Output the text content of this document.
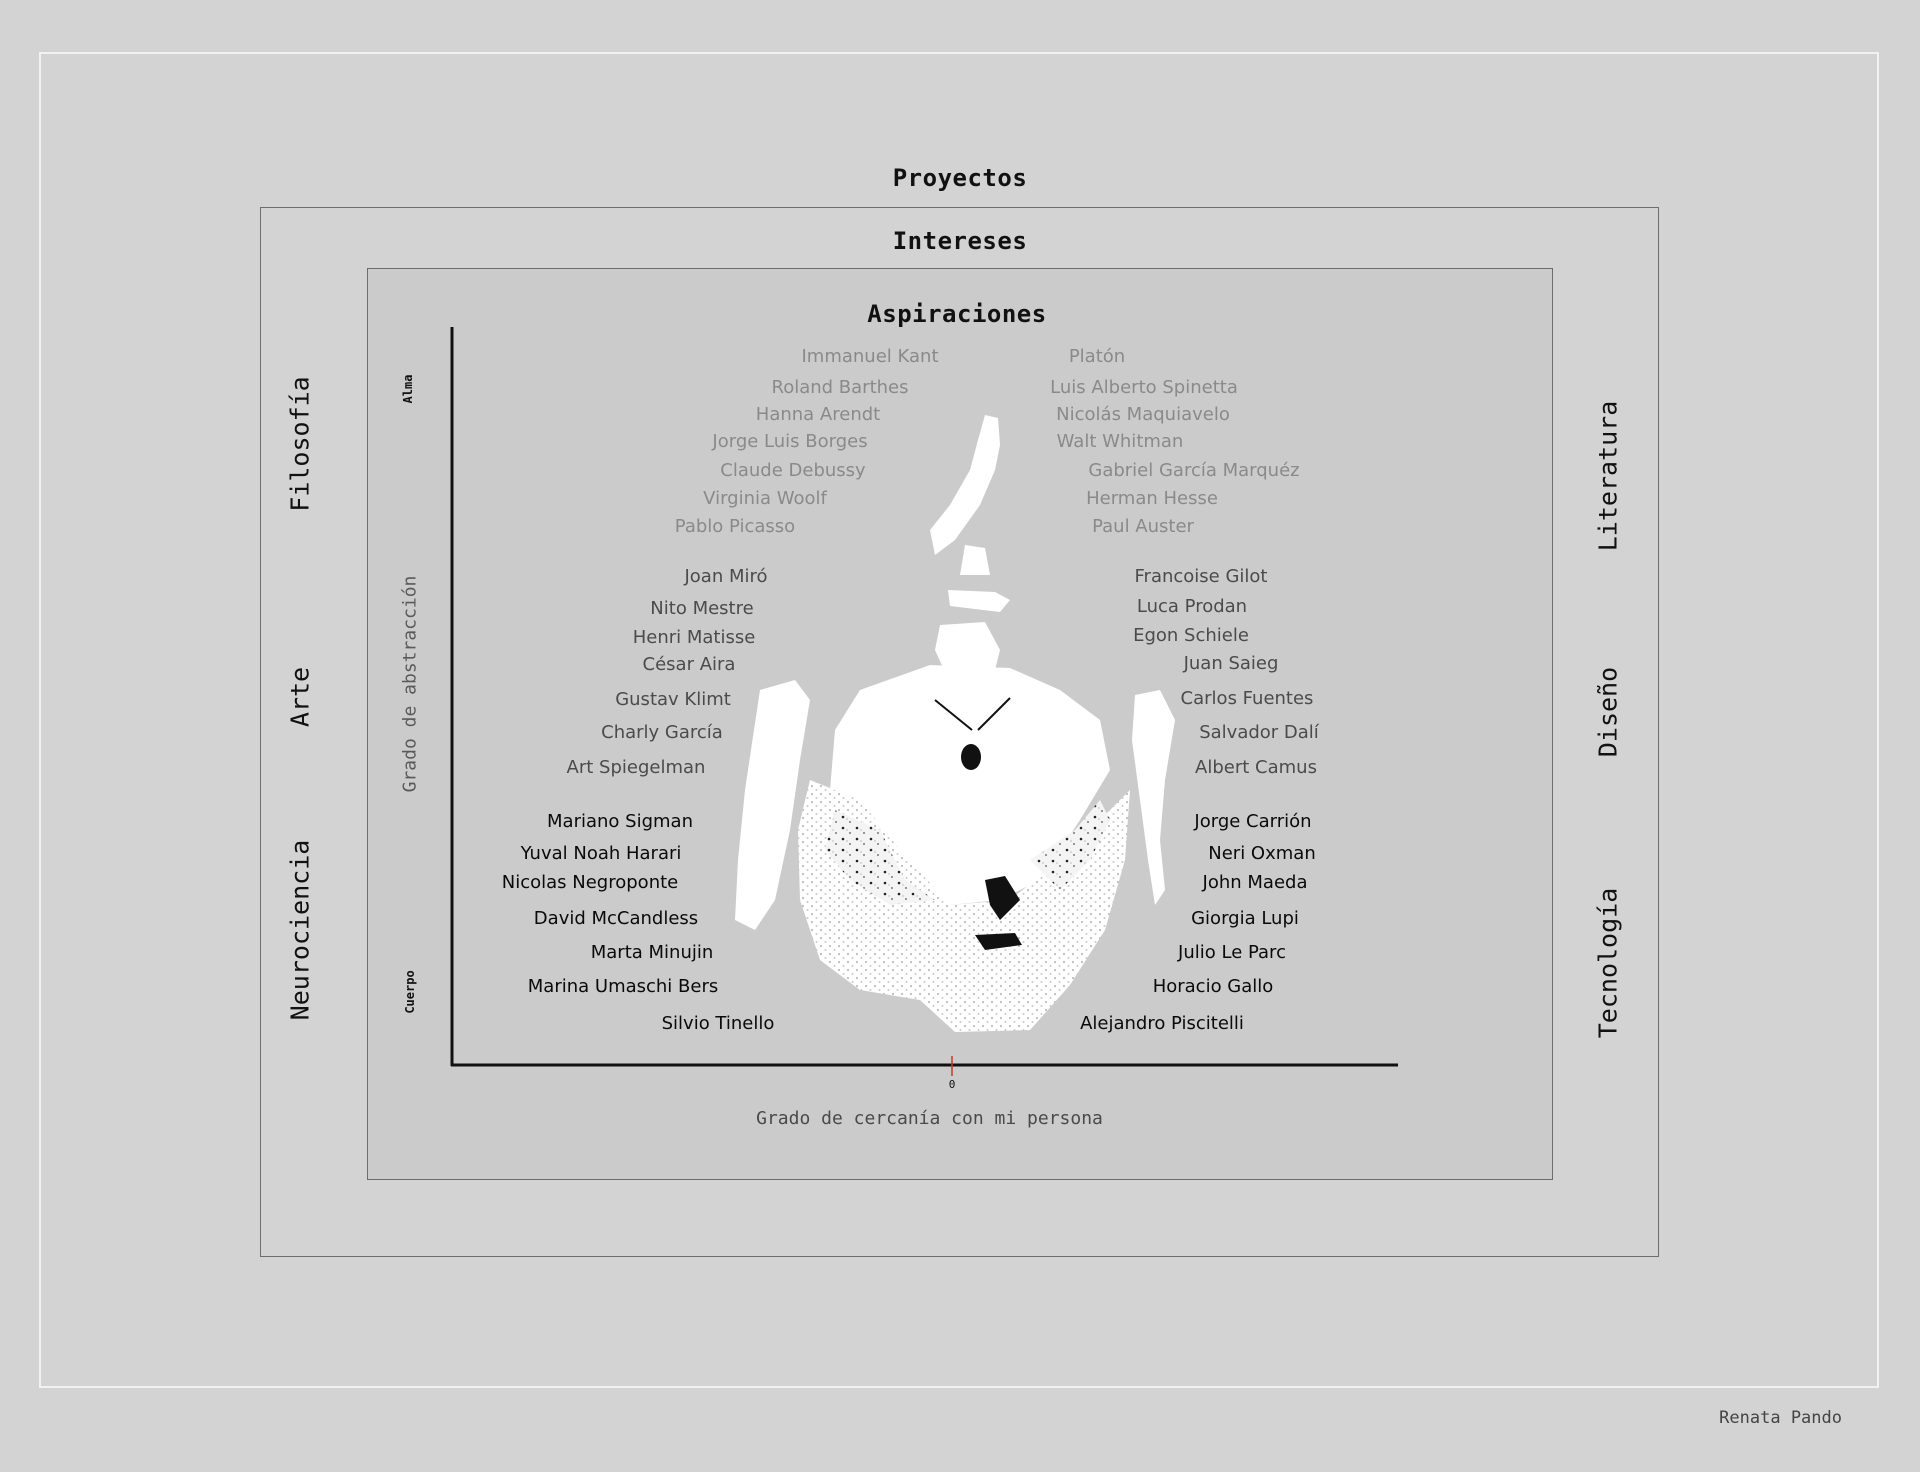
Proyectos
Intereses
Aspiraciones
Filosofía
Arte
Neurociencia
Literatura
Diseño
Tecnología
Alma
Cuerpo
Grado de abstracción
Grado de cercanía con mi persona
0
Immanuel Kant
Roland Barthes
Hanna Arendt
Jorge Luis Borges
Claude Debussy
Virginia Woolf
Pablo Picasso
Joan Miró
Nito Mestre
Henri Matisse
César Aira
Gustav Klimt
Charly García
Art Spiegelman
Mariano Sigman
Yuval Noah Harari
Nicolas Negroponte
David McCandless
Marta Minujin
Marina Umaschi Bers
Silvio Tinello
Platón
Luis Alberto Spinetta
Nicolás Maquiavelo
Walt Whitman
Gabriel García Marquéz
Herman Hesse
Paul Auster
Francoise Gilot
Luca Prodan
Egon Schiele
Juan Saieg
Carlos Fuentes
Salvador Dalí
Albert Camus
Jorge Carrión
Neri Oxman
John Maeda
Giorgia Lupi
Julio Le Parc
Horacio Gallo
Alejandro Piscitelli
Renata Pando
